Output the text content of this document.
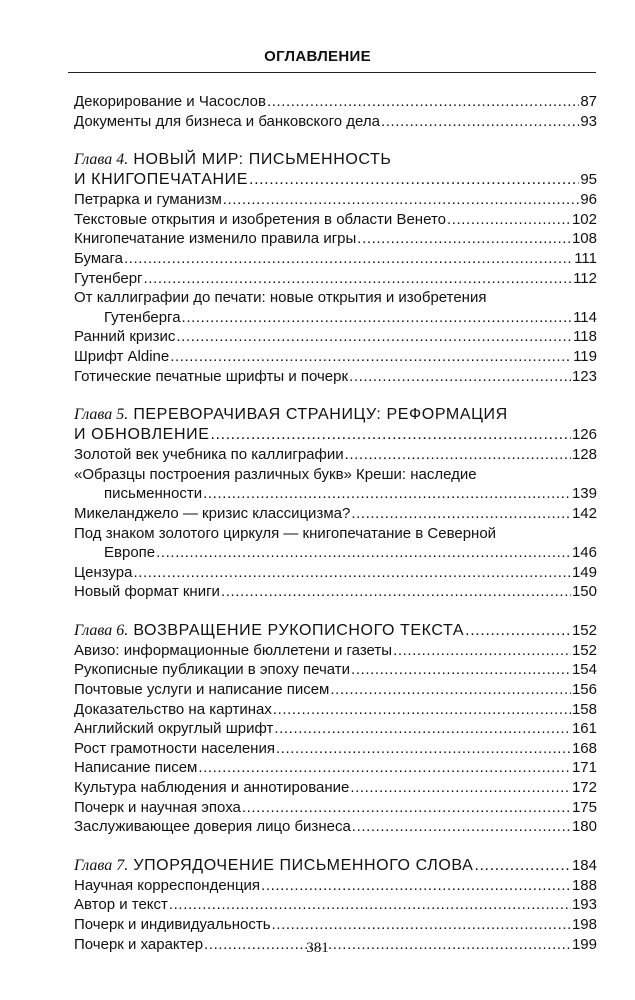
ОГЛАВЛЕНИЕ
Декорирование и Часослов .....	87
Документы для бизнеса и банковского дела .....	93
Глава 4. НОВЫЙ МИР: ПИСЬМЕННОСТЬ
И КНИГОПЕЧАТАНИЕ .....	95
Петрарка и гуманизм .....	96
Текстовые открытия и изобретения в области Венето .....	102
Книгопечатание изменило правила игры .....	108
Бумага .....	111
Гутенберг .....	112
От каллиграфии до печати: новые открытия и изобретения
Гутенберга .....	114
Ранний кризис .....	118
Шрифт Aldine .....	119
Готические печатные шрифты и почерк .....	123
Глава 5. ПЕРЕВОРАЧИВАЯ СТРАНИЦУ: РЕФОРМАЦИЯ
И ОБНОВЛЕНИЕ .....	126
Золотой век учебника по каллиграфии .....	128
«Образцы построения различных букв» Креши: наследие
письменности .....	139
Микеланджело — кризис классицизма? .....	142
Под знаком золотого циркуля — книгопечатание в Северной
Европе .....	146
Цензура .....	149
Новый формат книги .....	150
Глава 6. ВОЗВРАЩЕНИЕ РУКОПИСНОГО ТЕКСТА .....	152
Авизо: информационные бюллетени и газеты .....	152
Рукописные публикации в эпоху печати .....	154
Почтовые услуги и написание писем .....	156
Доказательство на картинах .....	158
Английский округлый шрифт .....	161
Рост грамотности населения .....	168
Написание писем .....	171
Культура наблюдения и аннотирование .....	172
Почерк и научная эпоха .....	175
Заслуживающее доверия лицо бизнеса .....	180
Глава 7. УПОРЯДОЧЕНИЕ ПИСЬМЕННОГО СЛОВА .....	184
Научная корреспонденция .....	188
Автор и текст .....	193
Почерк и индивидуальность .....	198
Почерк и характер .....	199
381
